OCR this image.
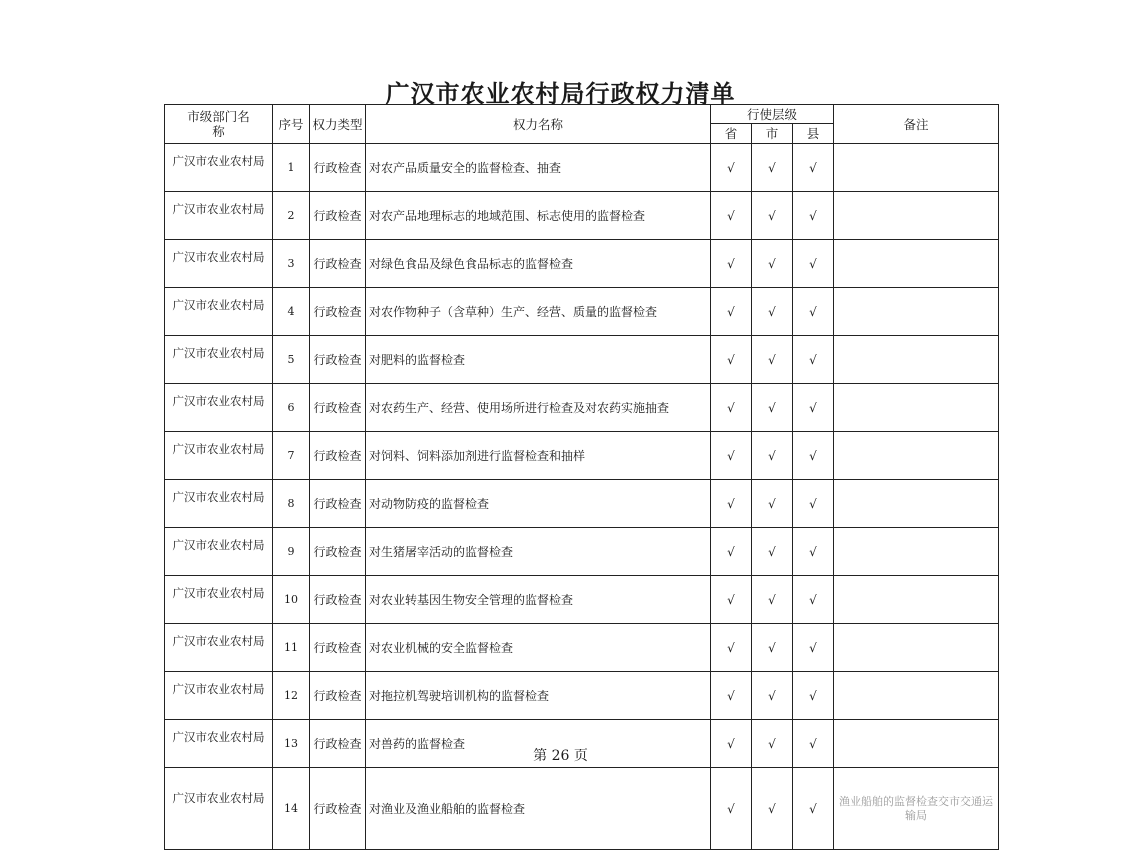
广汉市农业农村局行政权力清单
市级部门名称	序号	权力类型	权力名称	行使层级			备注
				省	市	县	
广汉市农业农村局	1	行政检查	对农产品质量安全的监督检查、抽查	√	√	√	
广汉市农业农村局	2	行政检查	对农产品地理标志的地域范围、标志使用的监督检查	√	√	√	
广汉市农业农村局	3	行政检查	对绿色食品及绿色食品标志的监督检查	√	√	√	
广汉市农业农村局	4	行政检查	对农作物种子（含草种）生产、经营、质量的监督检查	√	√	√	
广汉市农业农村局	5	行政检查	对肥料的监督检查	√	√	√	
广汉市农业农村局	6	行政检查	对农药生产、经营、使用场所进行检查及对农药实施抽查	√	√	√	
广汉市农业农村局	7	行政检查	对饲料、饲料添加剂进行监督检查和抽样	√	√	√	
广汉市农业农村局	8	行政检查	对动物防疫的监督检查	√	√	√	
广汉市农业农村局	9	行政检查	对生猪屠宰活动的监督检查	√	√	√	
广汉市农业农村局	10	行政检查	对农业转基因生物安全管理的监督检查	√	√	√	
广汉市农业农村局	11	行政检查	对农业机械的安全监督检查	√	√	√	
广汉市农业农村局	12	行政检查	对拖拉机驾驶培训机构的监督检查	√	√	√	
广汉市农业农村局	13	行政检查	对兽药的监督检查	√	√	√	
广汉市农业农村局	14	行政检查	对渔业及渔业船舶的监督检查	√	√	√	渔业船舶的监督检查交市交通运输局
第 26 页
